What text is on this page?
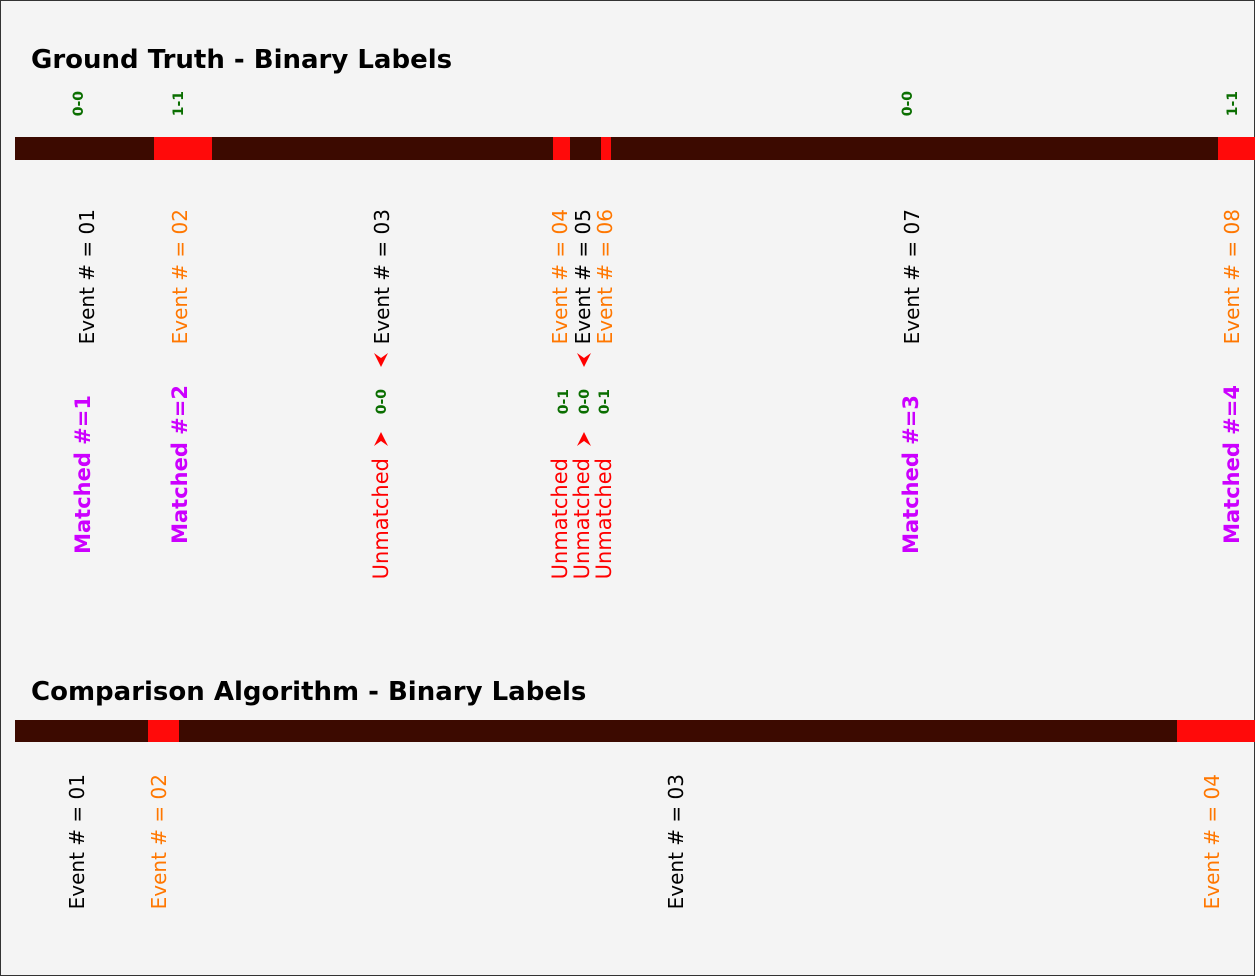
Ground Truth - Binary Labels
0-0	1-1	0-0	1-1
Event # = 01	Event # = 02	Event # = 03	Event # = 04 Event # = 05
Event # = 06	Event # = 07	Event # = 08
0-0	0-1 0-0 0-1
Matched #=1	Matched #=2	Matched #=3	Matched #=4
Unmatched	Unmatched
Unmatched
Unmatched
Comparison Algorithm - Binary Labels
Event # = 01	Event # = 02	Event # = 03	Event # = 04
